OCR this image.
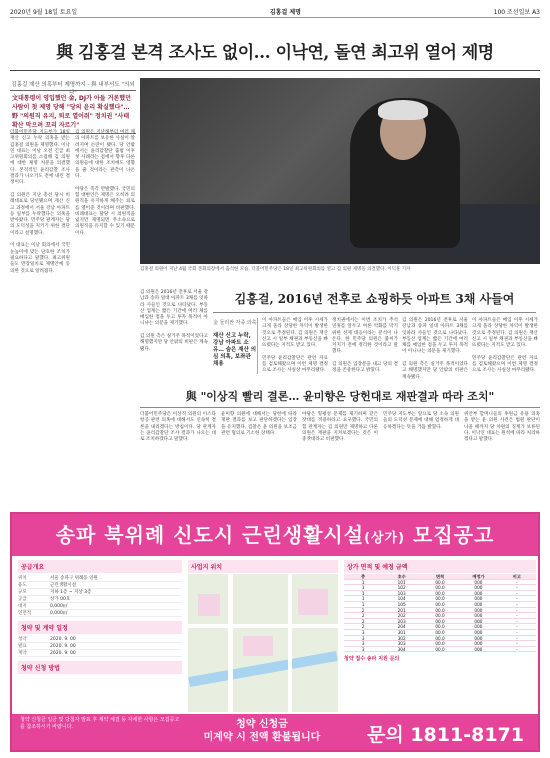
2020년 9월 18일 토요일	김홍걸 제명	100 조선일보 A3
與 김홍걸 본격 조사도 없이… 이낙연, 돌연 최고위 열어 제명
김홍걸 재산 의혹부터 제명까지 - 與 내부서도 "의외다"
文대통령이 영입했던 金, DJ가 아들 거론했던 사람이 첫 제명 당해 "당의 윤리 확실했다"… 野 "의원직 유지, 퇴로 열어줘" 정치권 "사태 확산 막으려 꼬리 자르기"
더불어민주당 지도부가 18일 재산 신고 누락 의혹을 받는 김홍걸 의원을 제명했다. 이낙연 대표는 이날 오전 긴급 최고위원회의를 소집해 김 의원에 대한 제명 처분을 의결했다. 본격적인 윤리감찰 조사 결과가 나오기도 전에 내린 결정이다.

김 의원은 지난 총선 당시 비례대표로 당선됐으며 재산 신고 과정에서 서울 강남 아파트 등 일부를 누락했다는 의혹을 받아왔다. 민주당 관계자는 당의 도덕성을 지키기 위한 결단이라고 설명했다.

이 대표는 이날 회의에서 국민 눈높이에 맞는 단호한 조치가 필요하다고 말했다. 최고위원들도 만장일치로 제명안에 동의한 것으로 알려졌다.
김 의원은 지난해부터 여러 채의 아파트를 보유한 사실이 알려지며 논란이 됐다. 당 안팎에서는 윤리감찰단 출범 이후 첫 사례라는 점에서 향후 다른 의원들에 대한 조치에도 영향을 줄 것이라는 관측이 나온다.

야당은 즉각 반발했다. 국민의힘 대변인은 제명은 오히려 의원직을 유지하게 해주는 퇴로를 열어준 것이라며 비판했다. 비례대표는 탈당 시 의원직을 잃지만 제명되면 무소속으로 의원직을 유지할 수 있기 때문이다.
김홍걸 의원이 지난 4월 국회 본회의장에서 출석한 모습. 더불어민주당은 18일 최고위원회의를 열고 김 의원 제명을 의결했다. 이덕훈 기자
김 의원은 2016년 전후로 서울 강남과 송파 일대 아파트 3채를 잇따라 사들인 것으로 나타났다. 부동산 업계는 짧은 기간에 여러 채를 매입한 점을 두고 투자 목적이 아니냐는 의문을 제기했다.

김 의원 측은 실거주 목적이었다고 해명했지만 당 안팎의 비판은 계속됐다.
김홍걸, 2016년 전후로 쇼핑하듯 아파트 3채 사들여
金 둘러싼 각종 의혹
재산 신고 누락, 강남 아파트 소유… 숨은 재산 의심 의혹, 보좌관 채용
이 아파트들은 매입 이후 시세가 크게 올라 상당한 차익이 발생한 것으로 추정된다. 김 의원은 재산 신고 시 일부 채권과 부동산을 빠뜨렸다는 지적도 받고 있다.

민주당 윤리감찰단은 관련 자료를 검토해왔으며 이번 제명 결정으로 조사는 사실상 마무리됐다.
정치권에서는 이번 조치가 추석 연휴를 앞두고 여론 악화를 막기 위한 선제 대응이라는 분석이 나온다. 한 민주당 의원은 불씨가 커지기 전에 정리한 것이라고 말했다.

김 의원은 입장문을 내고 당의 결정을 존중한다고 밝혔다.
김 의원은 2016년 전후로 서울 강남과 송파 일대 아파트 3채를 잇따라 사들인 것으로 나타났다. 부동산 업계는 짧은 기간에 여러 채를 매입한 점을 두고 투자 목적이 아니냐는 의문을 제기했다.

김 의원 측은 실거주 목적이었다고 해명했지만 당 안팎의 비판은 계속됐다.
이 아파트들은 매입 이후 시세가 크게 올라 상당한 차익이 발생한 것으로 추정된다. 김 의원은 재산 신고 시 일부 채권과 부동산을 빠뜨렸다는 지적도 받고 있다.

민주당 윤리감찰단은 관련 자료를 검토해왔으며 이번 제명 결정으로 조사는 사실상 마무리됐다.
與 "이상직 빨리 결론… 윤미향은 당헌대로 재판결과 따라 조치"
더불어민주당은 이상직 의원의 이스타항공 관련 의혹에 대해서도 신속히 결론을 내리겠다는 방침이다. 당 관계자는 윤리감찰단 조사 결과가 나오는 대로 조치하겠다고 말했다.
윤미향 의원에 대해서는 당헌에 따라 재판 결과를 보고 판단하겠다는 입장을 유지했다. 검찰은 윤 의원을 보조금 관련 혐의로 기소한 상태다.
야당은 형평성 문제를 제기하며 같은 잣대를 적용하라고 요구했다. 국민의힘 관계자는 김 의원만 제명하고 다른 의원은 재판을 지켜보겠다는 것은 이중잣대라고 비판했다.
민주당 지도부는 앞으로 당 소속 의원들의 도덕성 문제에 대해 엄정하게 대응하겠다는 뜻을 거듭 밝혔다.
위안부 할머니들의 후원금 유용 의혹을 받는 윤 의원 사건은 법원 판단이 나올 때까지 당 차원의 징계가 보류된다. 이낙연 대표는 원칙에 따라 처리하겠다고 말했다.
송파 북위례 신도시 근린생활시설(상가) 모집공고
공급개요
위치	서울 송파구 위례동 일원
용도	근린생활시설
규모	지하 1층 ~ 지상 3층
공급	상가 00호
대지	0,000㎡
연면적	0,000㎡
청약 및 계약 일정
청약	2020. 9. 00
발표	2020. 9. 00
계약	2020. 9. 00
청약 신청 방법
사업지 위치	상가 면적 및 예정 금액
층	호수	면적	예정가	비고
1	101	00.0	000	-
1	102	00.0	000	-
1	103	00.0	000	-
1	104	00.0	000	-
1	105	00.0	000	-
2	201	00.0	000	-
2	202	00.0	000	-
2	203	00.0	000	-
2	204	00.0	000	-
3	301	00.0	000	-
3	302	00.0	000	-
3	303	00.0	000	-
3	304	00.0	000	-
청약 접수 송파 지원 문의
청약 신청금 입금 및 당첨자 발표 후 계약 체결 등 자세한 사항은 모집공고를 참조하시기 바랍니다.	청약 신청금
미계약 시 전액 환불됩니다	문의 1811-8171
